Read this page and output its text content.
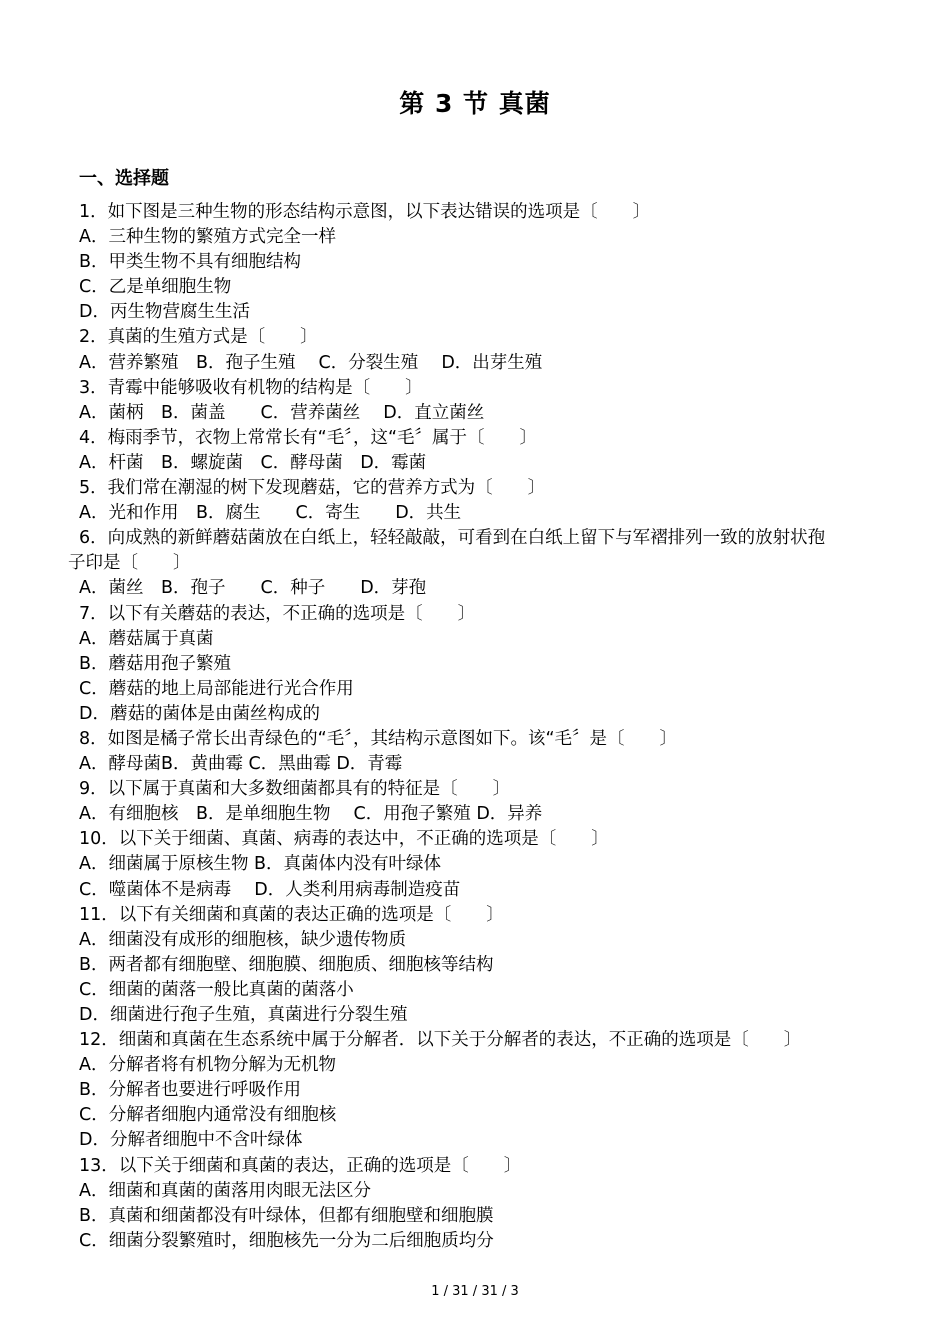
第 3 节 真菌
一、选择题
1．如下图是三种生物的形态结构示意图，以下表达错误的选项是〔　　〕
A．三种生物的繁殖方式完全一样
B．甲类生物不具有细胞结构
C．乙是单细胞生物
D．丙生物营腐生生活
2．真菌的生殖方式是〔　　〕
A．营养繁殖　B．孢子生殖　 C．分裂生殖　 D．出芽生殖
3．青霉中能够吸收有机物的结构是〔　　〕
A．菌柄　B．菌盖　　C．营养菌丝　 D．直立菌丝
4．梅雨季节，衣物上常常长有“毛〞，这“毛〞属于〔　　〕
A．杆菌　B．螺旋菌　C．酵母菌　D．霉菌
5．我们常在潮湿的树下发现蘑菇，它的营养方式为〔　　〕
A．光和作用　B．腐生　　C．寄生　　D．共生
6．向成熟的新鲜蘑菇菌放在白纸上，轻轻敲敲，可看到在白纸上留下与军褶排列一致的放射状孢
子印是〔　　〕
A．菌丝　B．孢子　　C．种子　　D．芽孢
7．以下有关蘑菇的表达，不正确的选项是〔　　〕
A．蘑菇属于真菌
B．蘑菇用孢子繁殖
C．蘑菇的地上局部能进行光合作用
D．蘑菇的菌体是由菌丝构成的
8．如图是橘子常长出青绿色的“毛〞，其结构示意图如下。该“毛〞是〔　　〕
A．酵母菌B．黄曲霉 C．黑曲霉 D．青霉
9．以下属于真菌和大多数细菌都具有的特征是〔　　〕
A．有细胞核　B．是单细胞生物　 C．用孢子繁殖 D．异养
10．以下关于细菌、真菌、病毒的表达中，不正确的选项是〔　　〕
A．细菌属于原核生物 B．真菌体内没有叶绿体
C．噬菌体不是病毒　 D．人类利用病毒制造疫苗
11．以下有关细菌和真菌的表达正确的选项是〔　　〕
A．细菌没有成形的细胞核，缺少遗传物质
B．两者都有细胞壁、细胞膜、细胞质、细胞核等结构
C．细菌的菌落一般比真菌的菌落小
D．细菌进行孢子生殖，真菌进行分裂生殖
12．细菌和真菌在生态系统中属于分解者．以下关于分解者的表达，不正确的选项是〔　　〕
A．分解者将有机物分解为无机物
B．分解者也要进行呼吸作用
C．分解者细胞内通常没有细胞核
D．分解者细胞中不含叶绿体
13．以下关于细菌和真菌的表达，正确的选项是〔　　〕
A．细菌和真菌的菌落用肉眼无法区分
B．真菌和细菌都没有叶绿体，但都有细胞壁和细胞膜
C．细菌分裂繁殖时，细胞核先一分为二后细胞质均分
1 / 31 / 31 / 3
